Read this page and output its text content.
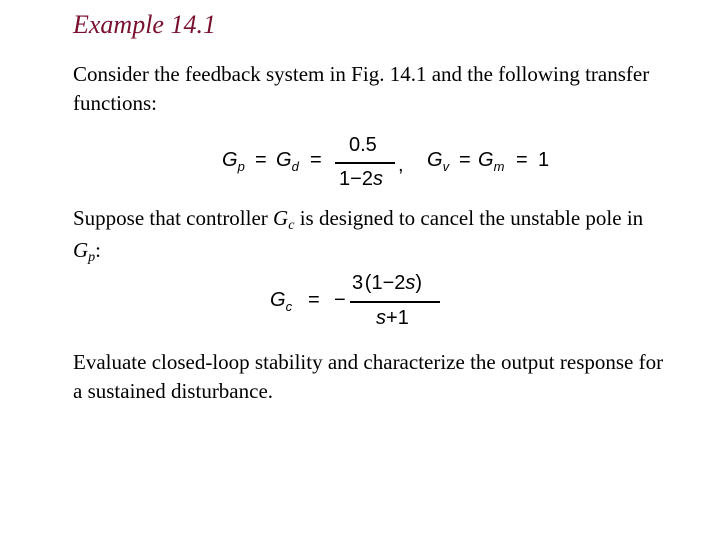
Example 14.1
Consider the feedback system in Fig. 14.1 and the following transfer functions:
$G_p = G_d$ =
0.5
1−2s
, $G_v = G_m = 1$
Suppose that controller Gc is designed to cancel the unstable pole in Gp:
$G_c$ = −
3 (1−2s)
s+1
Evaluate closed-loop stability and characterize the output response for a sustained disturbance.
